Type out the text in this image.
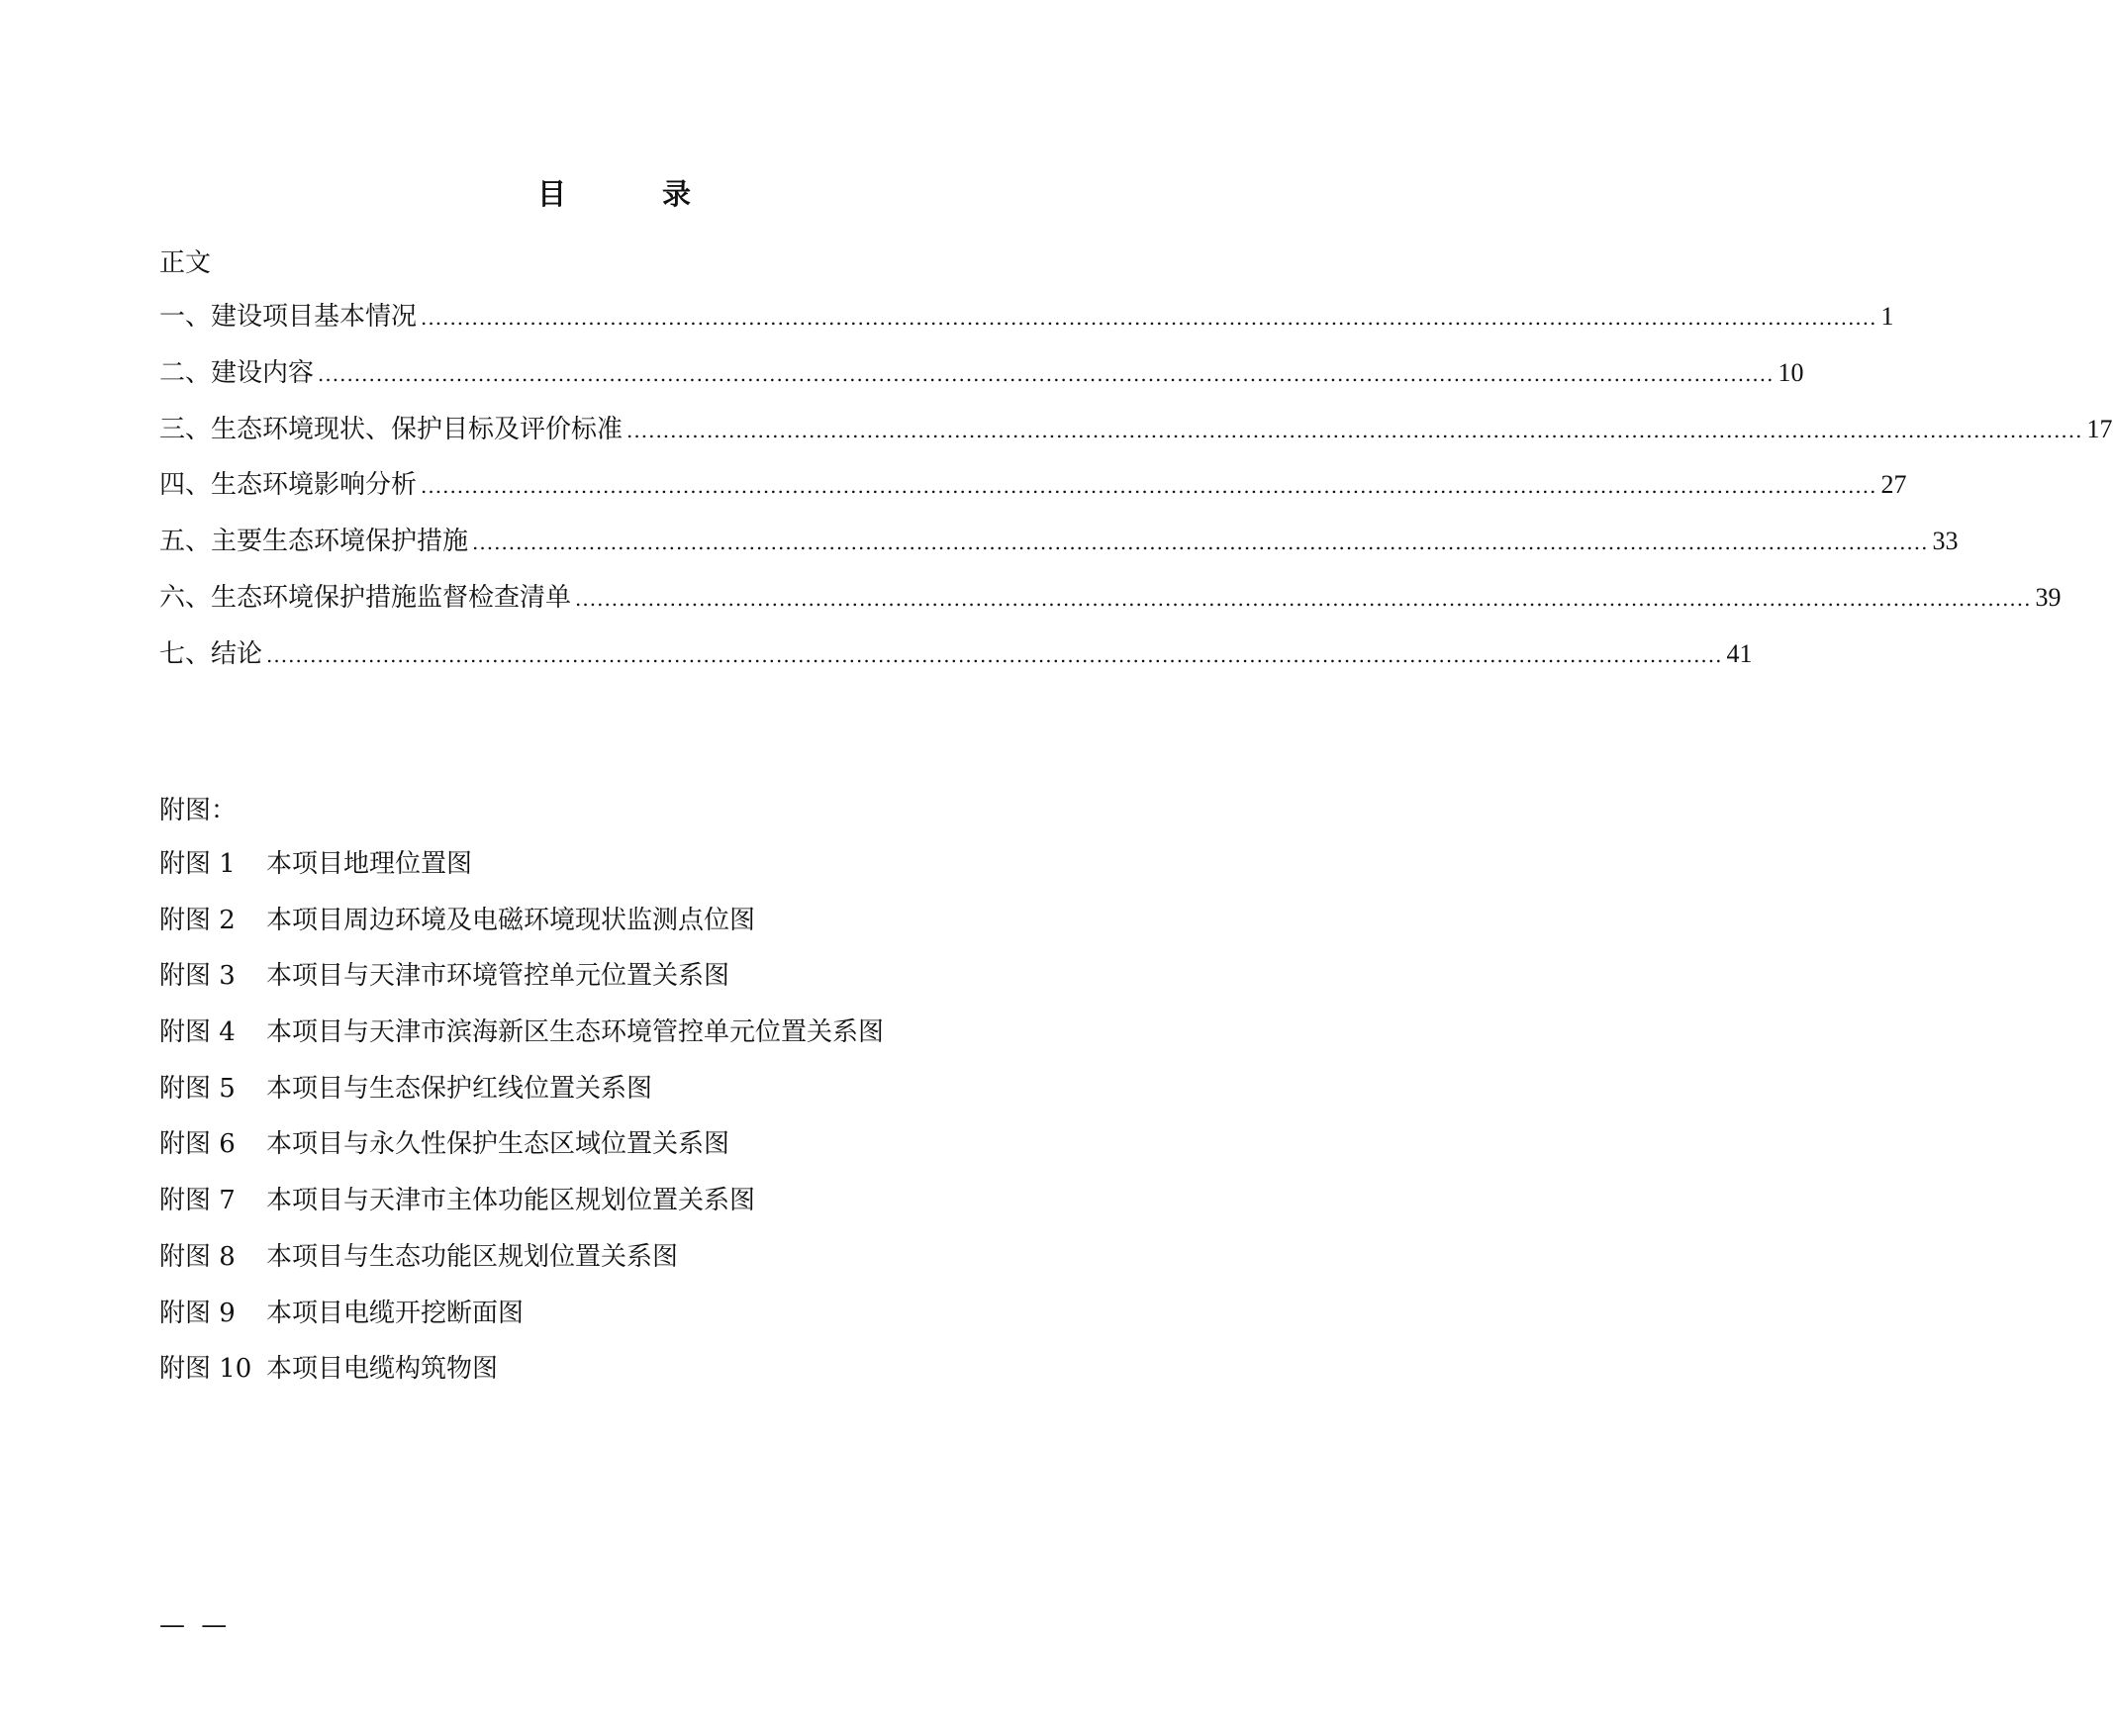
目　录
正文
一、建设项目基本情况 ........................................................................................................................................................................................................ 1
二、建设内容 ........................................................................................................................................................................................................ 10
三、生态环境现状、保护目标及评价标准 ........................................................................................................................................................................................................ 17
四、生态环境影响分析 ........................................................................................................................................................................................................ 27
五、主要生态环境保护措施 ........................................................................................................................................................................................................ 33
六、生态环境保护措施监督检查清单 ........................................................................................................................................................................................................ 39
七、结论 ........................................................................................................................................................................................................ 41
附图：
附图 1	本项目地理位置图
附图 2	本项目周边环境及电磁环境现状监测点位图
附图 3	本项目与天津市环境管控单元位置关系图
附图 4	本项目与天津市滨海新区生态环境管控单元位置关系图
附图 5	本项目与生态保护红线位置关系图
附图 6	本项目与永久性保护生态区域位置关系图
附图 7	本项目与天津市主体功能区规划位置关系图
附图 8	本项目与生态功能区规划位置关系图
附图 9	本项目电缆开挖断面图
附图 10 本项目电缆构筑物图
— —
